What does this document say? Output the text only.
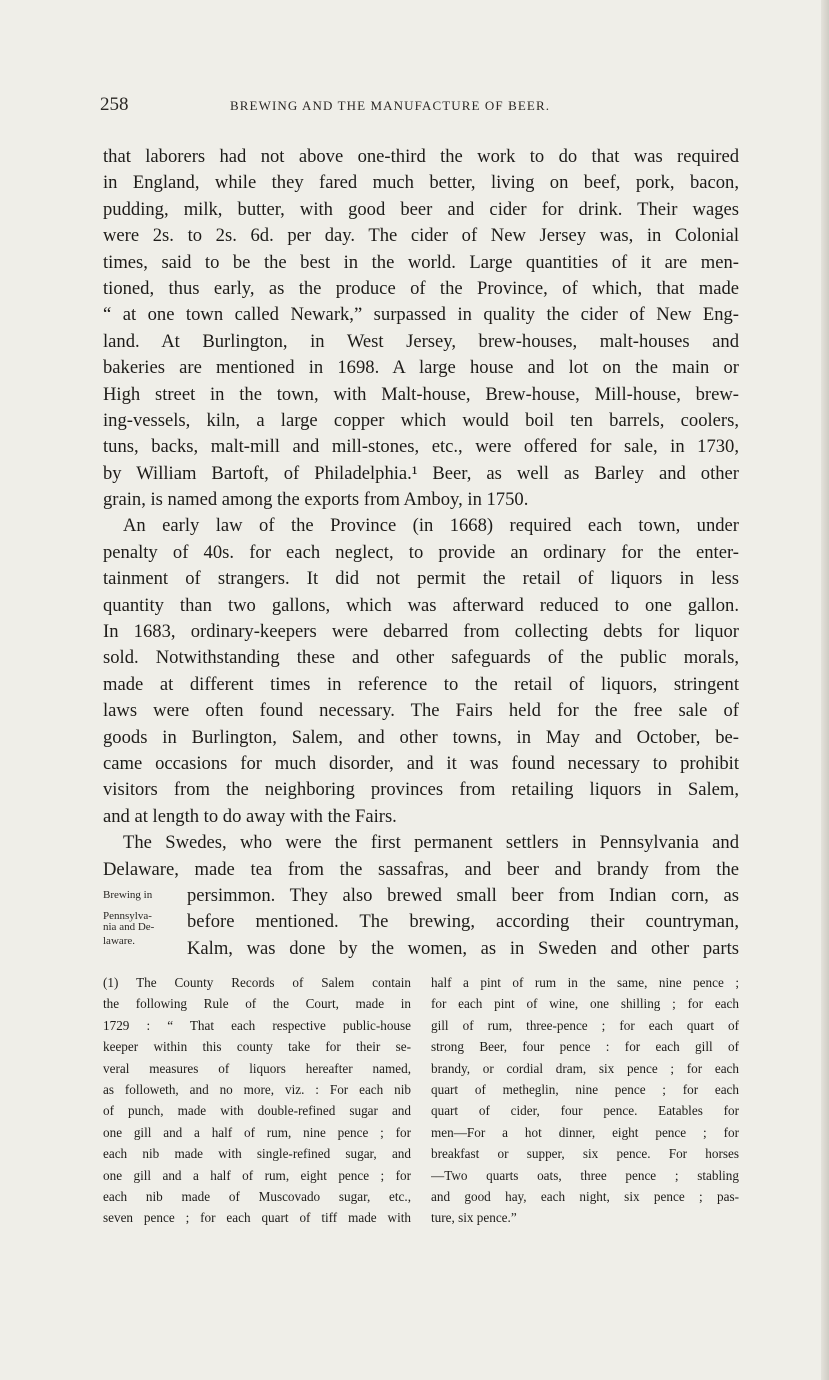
258	BREWING AND THE MANUFACTURE OF BEER.
that laborers had not above one-third the work to do that was required
in England, while they fared much better, living on beef, pork, bacon,
pudding, milk, butter, with good beer and cider for drink. Their wages
were 2s. to 2s. 6d. per day. The cider of New Jersey was, in Colonial
times, said to be the best in the world. Large quantities of it are men-
tioned, thus early, as the produce of the Province, of which, that made
“ at one town called Newark,” surpassed in quality the cider of New Eng-
land. At Burlington, in West Jersey, brew-houses, malt-houses and
bakeries are mentioned in 1698. A large house and lot on the main or
High street in the town, with Malt-house, Brew-house, Mill-house, brew-
ing-vessels, kiln, a large copper which would boil ten barrels, coolers,
tuns, backs, malt-mill and mill-stones, etc., were offered for sale, in 1730,
by William Bartoft, of Philadelphia.¹ Beer, as well as Barley and other
grain, is named among the exports from Amboy, in 1750.
An early law of the Province (in 1668) required each town, under
penalty of 40s. for each neglect, to provide an ordinary for the enter-
tainment of strangers. It did not permit the retail of liquors in less
quantity than two gallons, which was afterward reduced to one gallon.
In 1683, ordinary-keepers were debarred from collecting debts for liquor
sold. Notwithstanding these and other safeguards of the public morals,
made at different times in reference to the retail of liquors, stringent
laws were often found necessary. The Fairs held for the free sale of
goods in Burlington, Salem, and other towns, in May and October, be-
came occasions for much disorder, and it was found necessary to prohibit
visitors from the neighboring provinces from retailing liquors in Salem,
and at length to do away with the Fairs.
The Swedes, who were the first permanent settlers in Pennsylvania and
Delaware, made tea from the sassafras, and beer and brandy from the
Brewing in	persimmon. They also brewed small beer from Indian corn, as
Pennsylva-
nia and De-	before mentioned. The brewing, according their countryman,
laware.	Kalm, was done by the women, as in Sweden and other parts
(1) The County Records of Salem contain
the following Rule of the Court, made in
1729 : “ That each respective public-house
keeper within this county take for their se-
veral measures of liquors hereafter named,
as followeth, and no more, viz. : For each nib
of punch, made with double-refined sugar and
one gill and a half of rum, nine pence ; for
each nib made with single-refined sugar, and
one gill and a half of rum, eight pence ; for
each nib made of Muscovado sugar, etc.,
seven pence ; for each quart of tiff made with
half a pint of rum in the same, nine pence ;
for each pint of wine, one shilling ; for each
gill of rum, three-pence ; for each quart of
strong Beer, four pence : for each gill of
brandy, or cordial dram, six pence ; for each
quart of metheglin, nine pence ; for each
quart of cider, four pence. Eatables for
men—For a hot dinner, eight pence ; for
breakfast or supper, six pence. For horses
—Two quarts oats, three pence ; stabling
and good hay, each night, six pence ; pas-
ture, six pence.”
